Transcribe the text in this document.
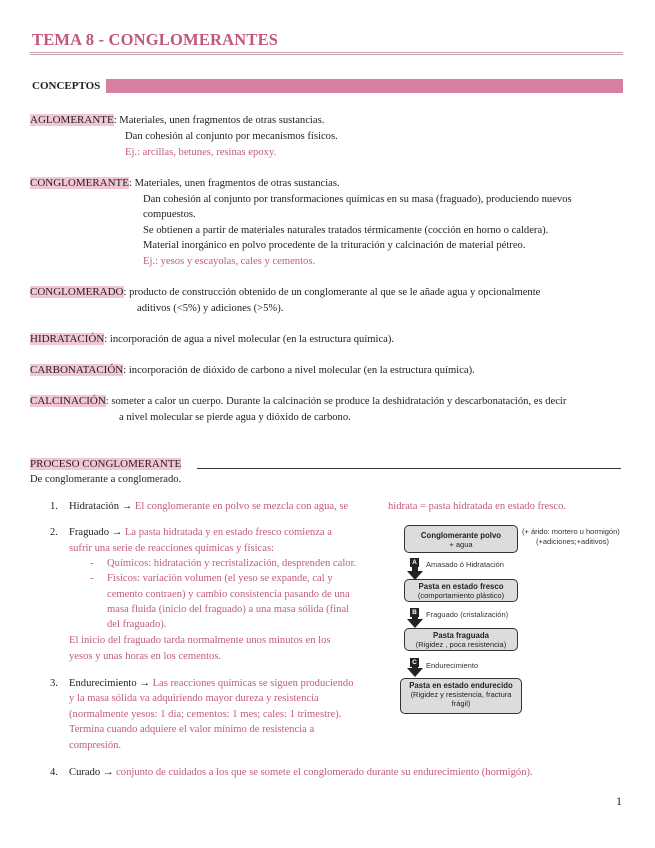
TEMA 8 - CONGLOMERANTES
CONCEPTOS
AGLOMERANTE: Materiales, unen fragmentos de otras sustancias.
Dan cohesión al conjunto por mecanismos físicos.
Ej.: arcillas, betunes, resinas epoxy.
CONGLOMERANTE: Materiales, unen fragmentos de otras sustancias.
Dan cohesión al conjunto por transformaciones químicas en su masa (fraguado), produciendo nuevos
compuestos.
Se obtienen a partir de materiales naturales tratados térmicamente (cocción en horno o caldera).
Material inorgánico en polvo procedente de la trituración y calcinación de material pétreo.
Ej.: yesos y escayolas, cales y cementos.
CONGLOMERADO: producto de construcción obtenido de un conglomerante al que se le añade agua y opcionalmente
aditivos (<5%) y adiciones (>5%).
HIDRATACIÓN: incorporación de agua a nivel molecular (en la estructura química).
CARBONATACIÓN: incorporación de dióxido de carbono a nivel molecular (en la estructura química).
CALCINACIÓN: someter a calor un cuerpo. Durante la calcinación se produce la deshidratación y descarbonatación, es decir
a nivel molecular se pierde agua y dióxido de carbono.
PROCESO CONGLOMERANTE
De conglomerante a conglomerado.
1. Hidratación → El conglomerante en polvo se mezcla con agua, se	hidrata = pasta hidratada en estado fresco.
2. Fraguado → La pasta hidratada y en estado fresco comienza a
sufrir una serie de reacciones químicas y físicas:
- Químicos: hidratación y recristalización, desprenden calor.
- Físicos: variación volumen (el yeso se expande, cal y
cemento contraen) y cambio consistencia pasando de una
masa fluida (inicio del fraguado) a una masa sólida (final
del fraguado).
El inicio del fraguado tarda normalmente unos minutos en los
yesos y unas horas en los cementos.
3. Endurecimiento → Las reacciones químicas se siguen produciendo
y la masa sólida va adquiriendo mayor dureza y resistencia
(normalmente yesos: 1 día; cementos: 1 mes; cales: 1 trimestre).
Termina cuando adquiere el valor mínimo de resistencia a
compresión.
4. Curado → conjunto de cuidados a los que se somete el conglomerado durante su endurecimiento (hormigón).
Conglomerante polvo
+ agua
(+ árido: mortero u hormigón)
(+adiciones;+aditivos)
A Amasado ó Hidratación
Pasta en estado fresco
(comportamiento plástico)
B Fraguado (cristalización)
Pasta fraguada
(Rigidez , poca resistencia)
C Endurecimiento
Pasta en estado endurecido
(Rigidez y resistencia, fractura
frágil)
1
